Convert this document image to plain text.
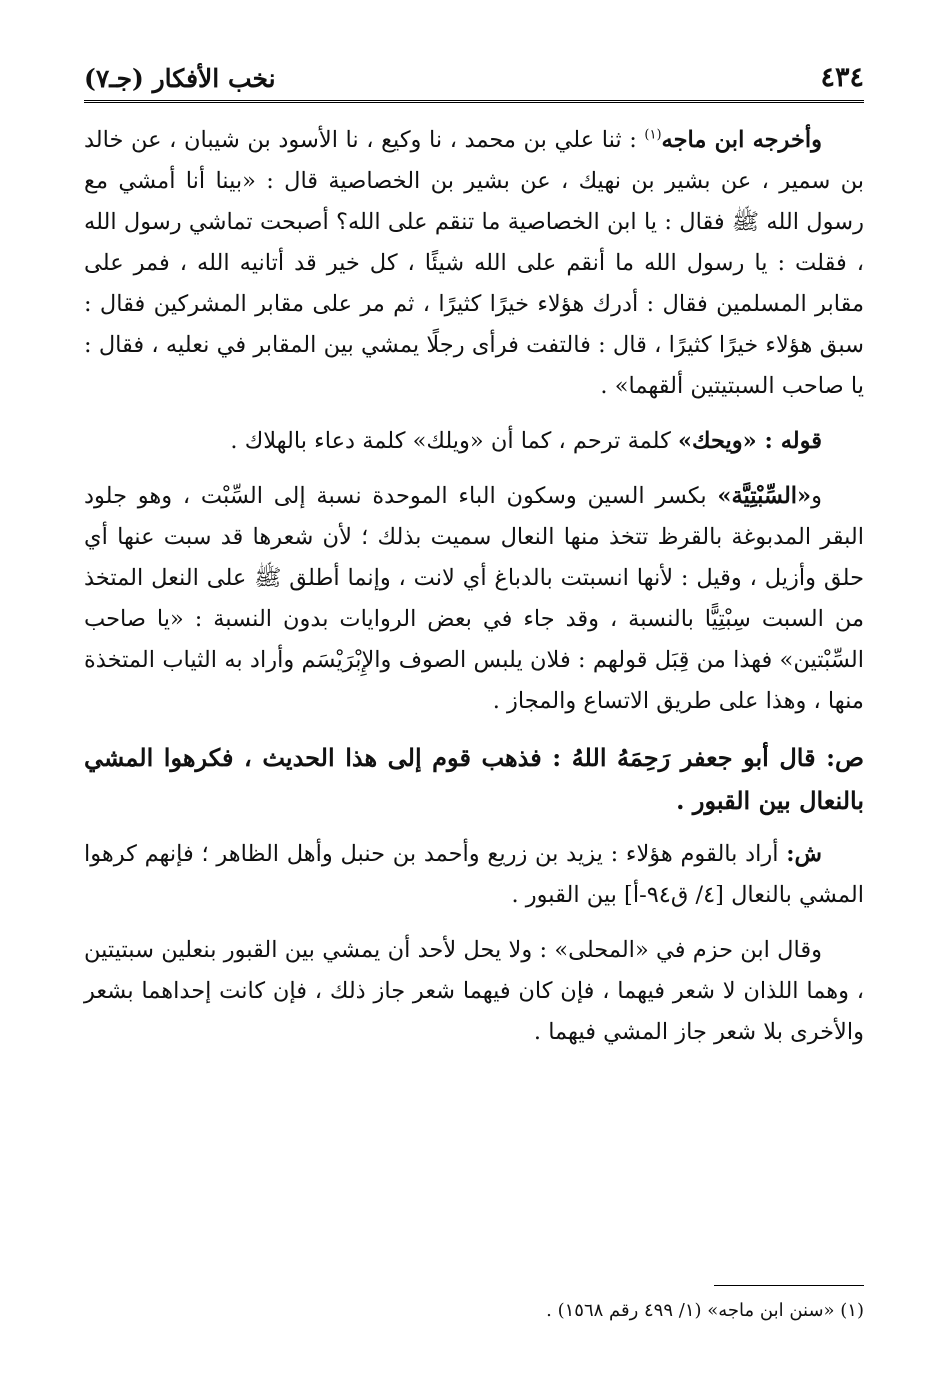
٤٣٤
نخب الأفكار (جـ٧)

وأخرجه ابن ماجه$^{(١)}$ : ثنا علي بن محمد ، نا وكيع ، نا الأسود بن شيبان ، عن خالد بن سمير ، عن بشير بن نهيك ، عن بشير بن الخصاصية قال : «بينا أنا أمشي مع رسول الله ﷺ فقال : يا ابن الخصاصية ما تنقم على الله؟ أصبحت تماشي رسول الله ، فقلت : يا رسول الله ما أنقم على الله شيئًا ، كل خير قد أتانيه الله ، فمر على مقابر المسلمين فقال : أدرك هؤلاء خيرًا كثيرًا ، ثم مر على مقابر المشركين فقال : سبق هؤلاء خيرًا كثيرًا ، قال : فالتفت فرأى رجلًا يمشي بين المقابر في نعليه ، فقال : يا صاحب السبتيتين ألقهما» .

قوله : «ويحك» كلمة ترحم ، كما أن «ويلك» كلمة دعاء بالهلاك .

و«السِّبْتِيَّة» بكسر السين وسكون الباء الموحدة نسبة إلى السِّبْت ، وهو جلود البقر المدبوغة بالقرظ تتخذ منها النعال سميت بذلك ؛ لأن شعرها قد سبت عنها أي حلق وأزيل ، وقيل : لأنها انسبتت بالدباغ أي لانت ، وإنما أطلق ﷺ على النعل المتخذ من السبت سِبْتِيًّا بالنسبة ، وقد جاء في بعض الروايات بدون النسبة : «يا صاحب السِّبْتين» فهذا من قِبَل قولهم : فلان يلبس الصوف والإِبْرَيْسَم وأراد به الثياب المتخذة منها ، وهذا على طريق الاتساع والمجاز .

ص: قال أبو جعفر رَحِمَهُ اللهُ : فذهب قوم إلى هذا الحديث ، فكرهوا المشي بالنعال بين القبور .

ش: أراد بالقوم هؤلاء : يزيد بن زريع وأحمد بن حنبل وأهل الظاهر ؛ فإنهم كرهوا المشي بالنعال [٤/ ق٩٤-أ] بين القبور .

وقال ابن حزم في «المحلى» : ولا يحل لأحد أن يمشي بين القبور بنعلين سبتيتين ، وهما اللذان لا شعر فيهما ، فإن كان فيهما شعر جاز ذلك ، فإن كانت إحداهما بشعر والأخرى بلا شعر جاز المشي فيهما .

(١) «سنن ابن ماجه» (١/ ٤٩٩ رقم ١٥٦٨) .
